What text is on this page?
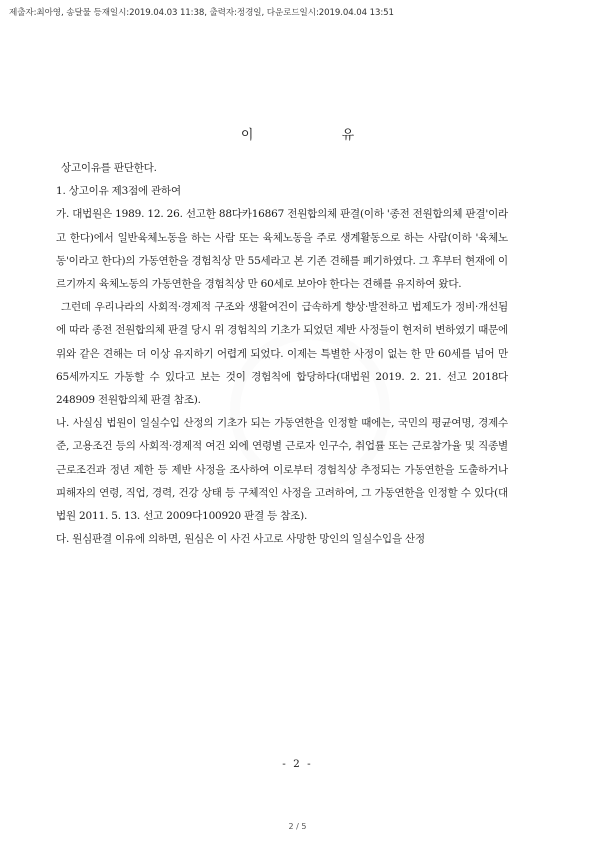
제출자:최아영, 송달물 등재일시:2019.04.03 11:38, 출력자:정경일, 다운로드일시:2019.04.04 13:51
이 유

상고이유를 판단한다.

1. 상고이유 제3점에 관하여

가. 대법원은 1989. 12. 26. 선고한 88다카16867 전원합의체 판결(이하 '종전 전원합의체 판결'이라고 한다)에서 일반육체노동을 하는 사람 또는 육체노동을 주로 생계활동으로 하는 사람(이하 '육체노동'이라고 한다)의 가동연한을 경험칙상 만 55세라고 본 기존 견해를 폐기하였다. 그 후부터 현재에 이르기까지 육체노동의 가동연한을 경험칙상 만 60세로 보아야 한다는 견해를 유지하여 왔다.

그런데 우리나라의 사회적·경제적 구조와 생활여건이 급속하게 향상·발전하고 법제도가 정비·개선됨에 따라 종전 전원합의체 판결 당시 위 경험칙의 기초가 되었던 제반 사정들이 현저히 변하였기 때문에 위와 같은 견해는 더 이상 유지하기 어렵게 되었다. 이제는 특별한 사정이 없는 한 만 60세를 넘어 만 65세까지도 가동할 수 있다고 보는 것이 경험칙에 합당하다(대법원 2019. 2. 21. 선고 2018다248909 전원합의체 판결 참조).

나. 사실심 법원이 일실수입 산정의 기초가 되는 가동연한을 인정할 때에는, 국민의 평균여명, 경제수준, 고용조건 등의 사회적·경제적 여건 외에 연령별 근로자 인구수, 취업률 또는 근로참가율 및 직종별 근로조건과 정년 제한 등 제반 사정을 조사하여 이로부터 경험칙상 추정되는 가동연한을 도출하거나 피해자의 연령, 직업, 경력, 건강 상태 등 구체적인 사정을 고려하여, 그 가동연한을 인정할 수 있다(대법원 2011. 5. 13. 선고 2009다100920 판결 등 참조).

다. 원심판결 이유에 의하면, 원심은 이 사건 사고로 사망한 망인의 일실수입을 산정

- 2 -
2 / 5
